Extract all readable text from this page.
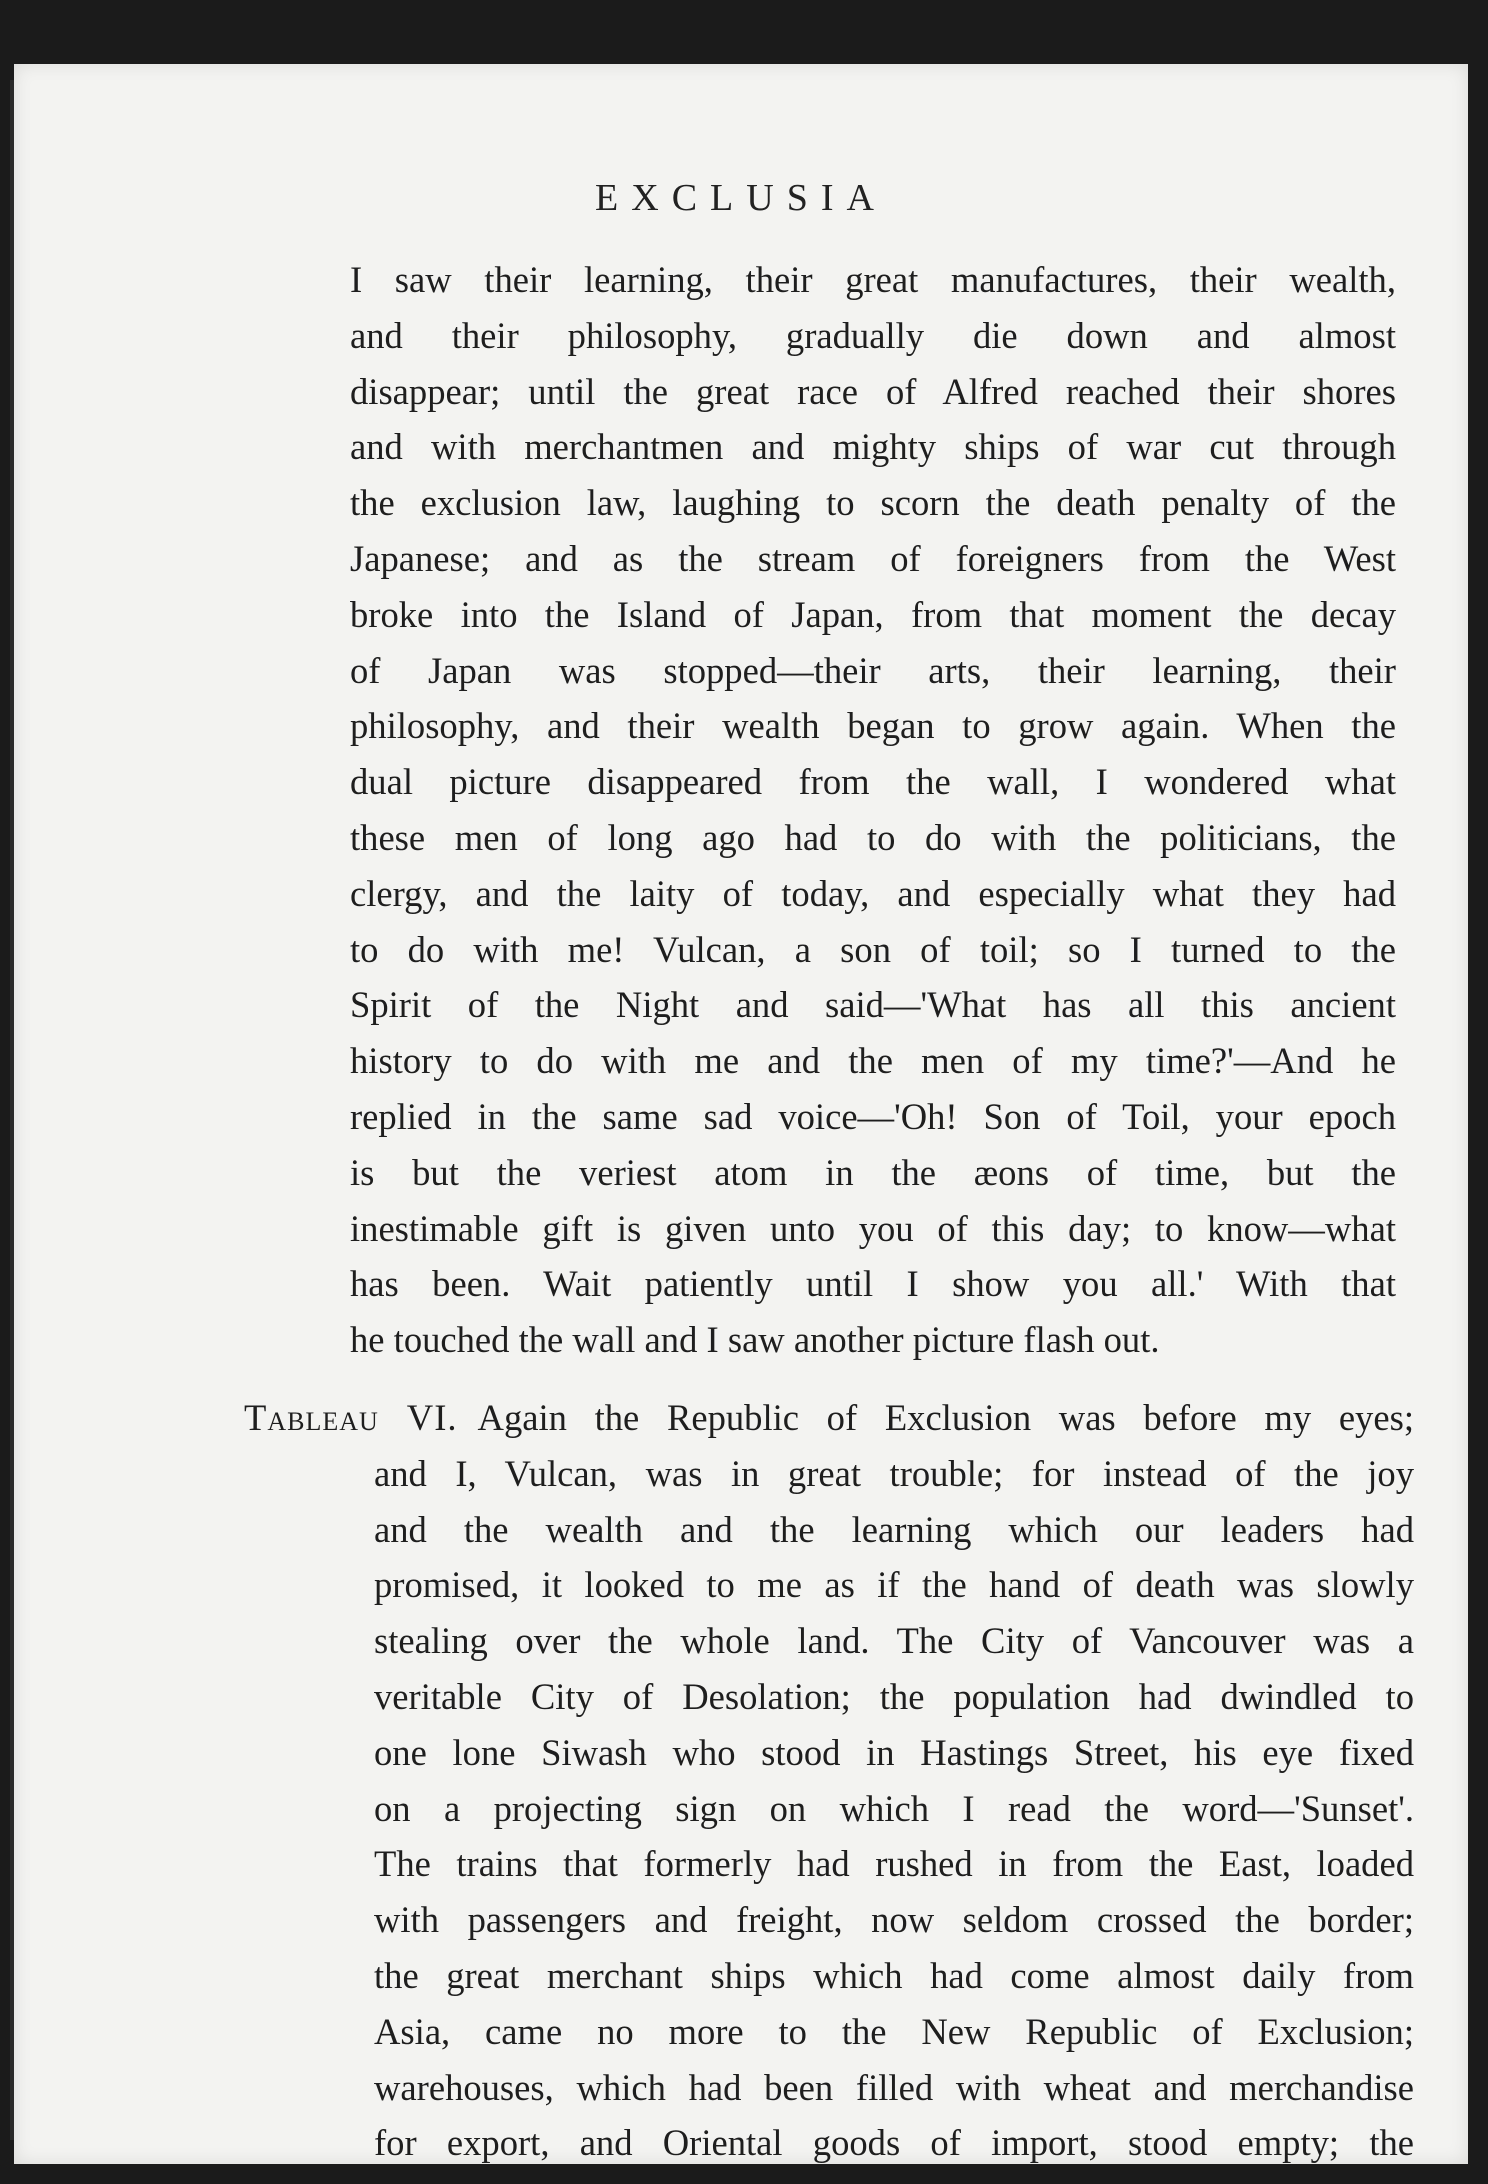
EXCLUSIA
I saw their learning, their great manufactures, their wealth,
and their philosophy, gradually die down and almost
disappear; until the great race of Alfred reached their shores
and with merchantmen and mighty ships of war cut through
the exclusion law, laughing to scorn the death penalty of the
Japanese; and as the stream of foreigners from the West
broke into the Island of Japan, from that moment the decay
of Japan was stopped—their arts, their learning, their
philosophy, and their wealth began to grow again. When the
dual picture disappeared from the wall, I wondered what
these men of long ago had to do with the politicians, the
clergy, and the laity of today, and especially what they had
to do with me! Vulcan, a son of toil; so I turned to the
Spirit of the Night and said—'What has all this ancient
history to do with me and the men of my time?'—And he
replied in the same sad voice—'Oh! Son of Toil, your epoch
is but the veriest atom in the æons of time, but the
inestimable gift is given unto you of this day; to know—what
has been. Wait patiently until I show you all.' With that
he touched the wall and I saw another picture flash out.
Tableau VI. Again the Republic of Exclusion was before my eyes;
and I, Vulcan, was in great trouble; for instead of the joy
and the wealth and the learning which our leaders had
promised, it looked to me as if the hand of death was slowly
stealing over the whole land. The City of Vancouver was a
veritable City of Desolation; the population had dwindled to
one lone Siwash who stood in Hastings Street, his eye fixed
on a projecting sign on which I read the word—'Sunset'.
The trains that formerly had rushed in from the East, loaded
with passengers and freight, now seldom crossed the border;
the great merchant ships which had come almost daily from
Asia, came no more to the New Republic of Exclusion;
warehouses, which had been filled with wheat and merchandise
for export, and Oriental goods of import, stood empty; the
